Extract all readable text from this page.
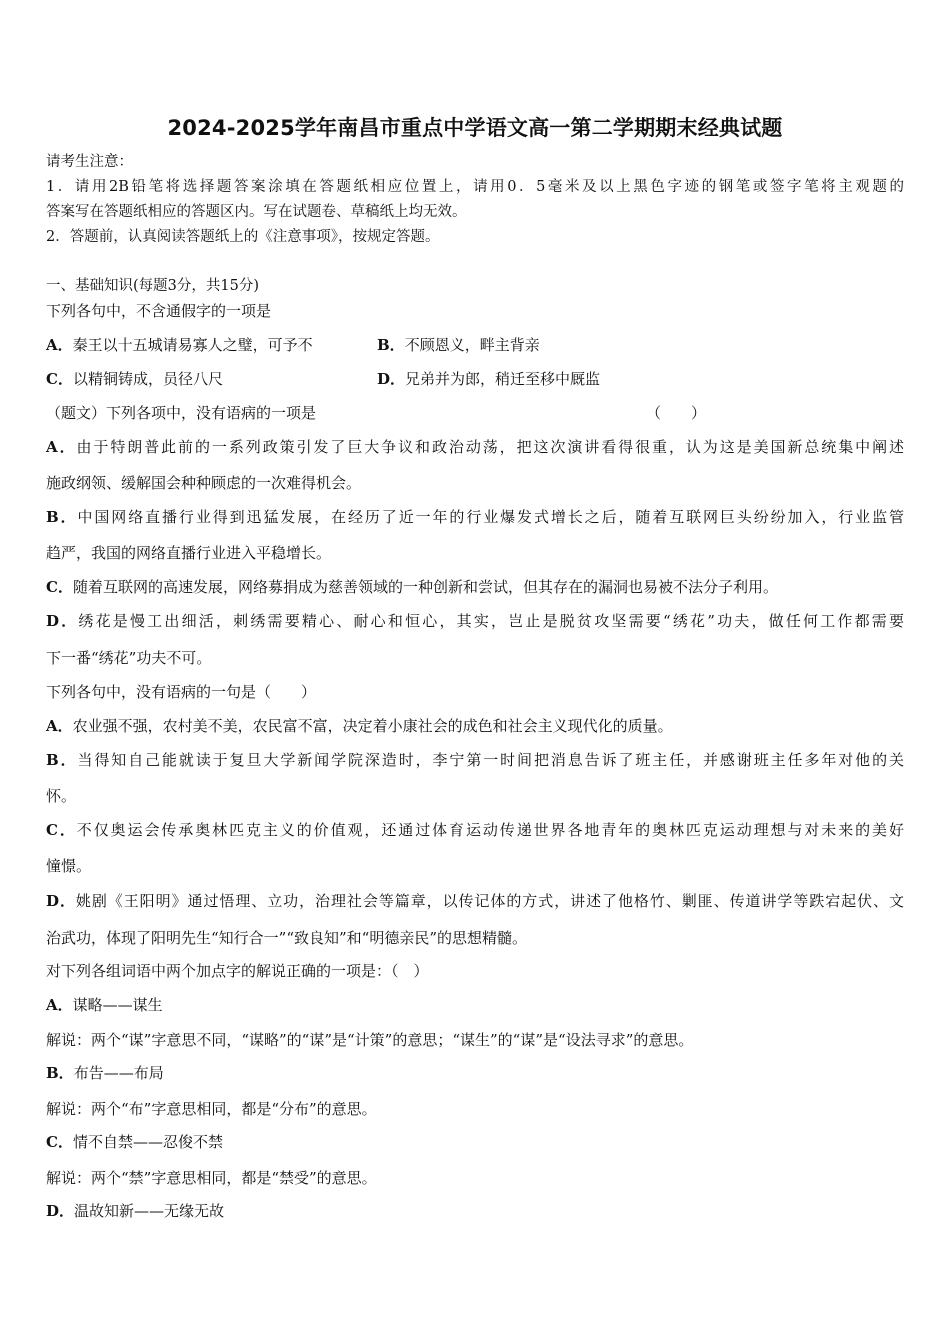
2024-2025学年南昌市重点中学语文高一第二学期期末经典试题
请考生注意：
1．请用2B铅笔将选择题答案涂填在答题纸相应位置上，请用0．5毫米及以上黑色字迹的钢笔或签字笔将主观题的
答案写在答题纸相应的答题区内。写在试题卷、草稿纸上均无效。
2．答题前，认真阅读答题纸上的《注意事项》，按规定答题。
一、基础知识(每题3分，共15分)
下列各句中，不含通假字的一项是
A．秦王以十五城请易寡人之璧，可予不	B．不顾恩义，畔主背亲
C．以精铜铸成，员径八尺	D．兄弟并为郎，稍迁至移中厩监
（题文）下列各项中，没有语病的一项是	（　　）
A．由于特朗普此前的一系列政策引发了巨大争议和政治动荡，把这次演讲看得很重，认为这是美国新总统集中阐述
施政纲领、缓解国会种种顾虑的一次难得机会。
B．中国网络直播行业得到迅猛发展，在经历了近一年的行业爆发式增长之后，随着互联网巨头纷纷加入，行业监管
趋严，我国的网络直播行业进入平稳增长。
C．随着互联网的高速发展，网络募捐成为慈善领域的一种创新和尝试，但其存在的漏洞也易被不法分子利用。
D．绣花是慢工出细活，刺绣需要精心、耐心和恒心，其实，岂止是脱贫攻坚需要“绣花”功夫，做任何工作都需要
下一番“绣花”功夫不可。
下列各句中，没有语病的一句是（　　）
A．农业强不强，农村美不美，农民富不富，决定着小康社会的成色和社会主义现代化的质量。
B．当得知自己能就读于复旦大学新闻学院深造时，李宁第一时间把消息告诉了班主任，并感谢班主任多年对他的关
怀。
C．不仅奥运会传承奥林匹克主义的价值观，还通过体育运动传递世界各地青年的奥林匹克运动理想与对未来的美好
憧憬。
D．姚剧《王阳明》通过悟理、立功，治理社会等篇章，以传记体的方式，讲述了他格竹、剿匪、传道讲学等跌宕起伏、文
治武功，体现了阳明先生“知行合一”“致良知”和“明德亲民”的思想精髓。
对下列各组词语中两个加点字的解说正确的一项是：（　）
A．谋略——谋生
解说：两个“谋”字意思不同，“谋略”的“谋”是“计策”的意思；“谋生”的“谋”是“设法寻求”的意思。
B．布告——布局
解说：两个“布”字意思相同，都是“分布”的意思。
C．情不自禁——忍俊不禁
解说：两个“禁”字意思相同，都是“禁受”的意思。
D．温故知新——无缘无故
